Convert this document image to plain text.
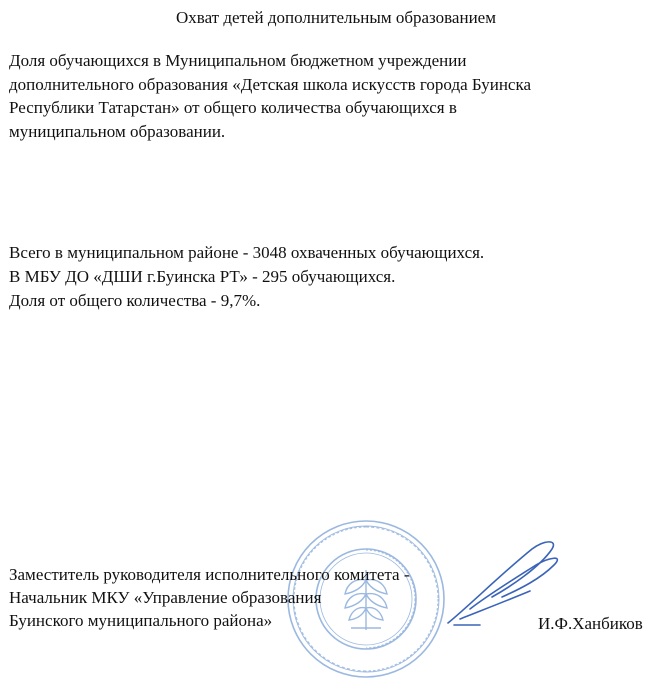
Охват детей дополнительным образованием
Доля обучающихся в Муниципальном бюджетном учреждении
дополнительного образования «Детская школа искусств города Буинска
Республики Татарстан» от общего количества обучающихся в
муниципальном образовании.
Всего в муниципальном районе - 3048 охваченных обучающихся.
В МБУ ДО «ДШИ г.Буинска РТ» - 295 обучающихся.
Доля от общего количества - 9,7%.
Заместитель руководителя исполнительного комитета -
Начальник МКУ «Управление образования
Буинского муниципального района»	И.Ф.Ханбиков
